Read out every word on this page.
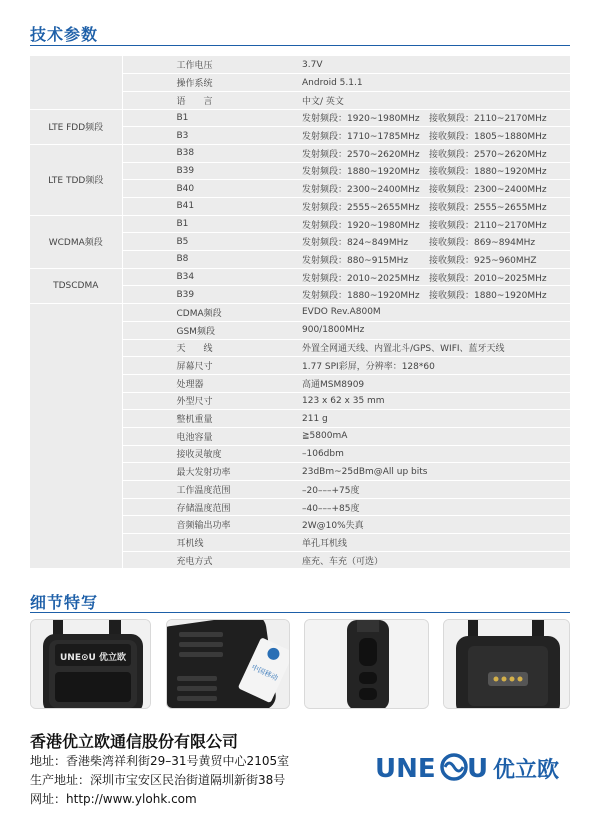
技术参数
	工作电压	3.7V
	操作系统	Android 5.1.1
	语　　言	中文/ 英文
LTE FDD频段	B1	发射频段：1920~1980MHz 接收频段：2110~2170MHz
	B3	发射频段：1710~1785MHz 接收频段：1805~1880MHz
LTE TDD频段	B38	发射频段：2570~2620MHz 接收频段：2570~2620MHz
	B39	发射频段：1880~1920MHz 接收频段：1880~1920MHz
	B40	发射频段：2300~2400MHz 接收频段：2300~2400MHz
	B41	发射频段：2555~2655MHz 接收频段：2555~2655MHz
WCDMA频段	B1	发射频段：1920~1980MHz 接收频段：2110~2170MHz
	B5	发射频段：824~849MHz 接收频段：869~894MHz
	B8	发射频段：880~915MHz 接收频段：925~960MHZ
TDSCDMA	B34	发射频段：2010~2025MHz 接收频段：2010~2025MHz
	B39	发射频段：1880~1920MHz 接收频段：1880~1920MHz
	CDMA频段	EVDO Rev.A800M
	GSM频段	900/1800MHz
	天　　线	外置全网通天线、内置北斗/GPS、WIFI、蓝牙天线
	屏幕尺寸	1.77 SPI彩屏，分辨率：128*60
	处理器	高通MSM8909
	外型尺寸	123 x 62 x 35 mm
	整机重量	211 g
	电池容量	≧5800mA
	接收灵敏度	–106dbm
	最大发射功率	23dBm~25dBm@All up bits
	工作温度范围	–20–––+75度
	存储温度范围	–40–––+85度
	音频输出功率	2W@10%失真
	耳机线	单孔耳机线
	充电方式	座充、车充（可选）
细节特写
UNE⊙U 优立欧
中国移动
香港优立欧通信股份有限公司
地址：香港柴湾祥利街29–31号黄贸中心2105室
生产地址：深圳市宝安区民治街道隔圳新街38号
网址：http://www.ylohk.com
UNE U 优立欧
